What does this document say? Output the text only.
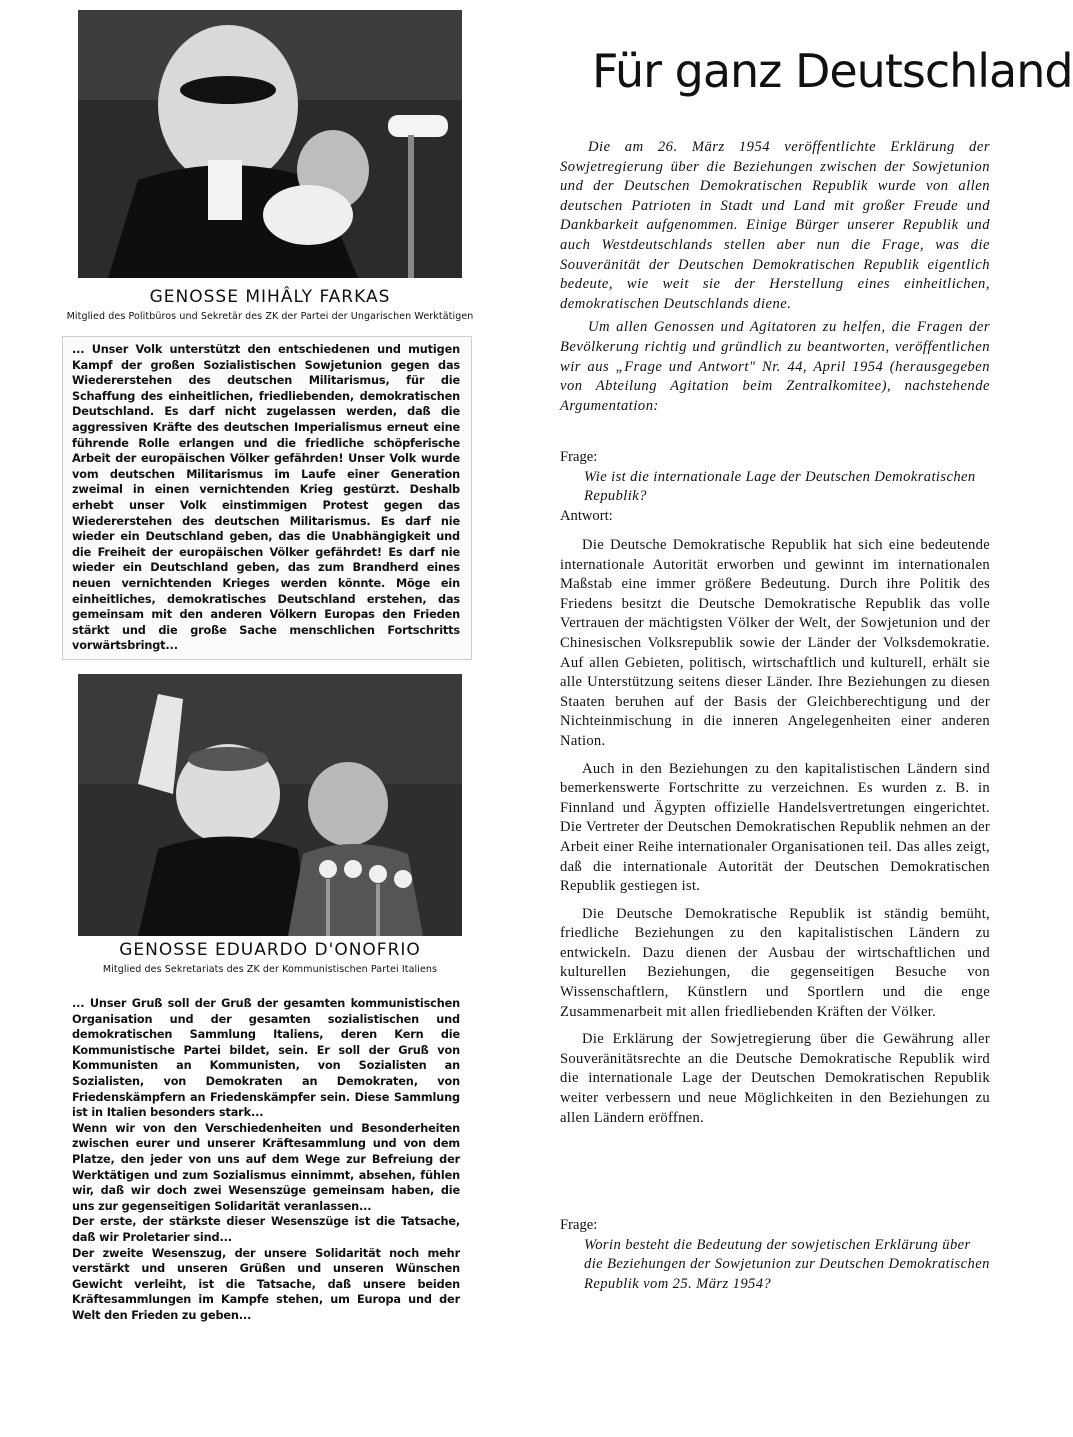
GENOSSE MIHÂLY FARKAS
Mitglied des Politbüros und Sekretär des ZK der Partei der Ungarischen Werktätigen

... Unser Volk unterstützt den entschiedenen und mutigen Kampf der großen Sozialistischen Sowjetunion gegen das Wiedererstehen des deutschen Militarismus, für die Schaffung des einheitlichen, friedliebenden, demokratischen Deutschland. Es darf nicht zugelassen werden, daß die aggressiven Kräfte des deutschen Imperialismus erneut eine führende Rolle erlangen und die friedliche schöpferische Arbeit der europäischen Völker gefährden! Unser Volk wurde vom deutschen Militarismus im Laufe einer Generation zweimal in einen vernichtenden Krieg gestürzt. Deshalb erhebt unser Volk einstimmigen Protest gegen das Wiedererstehen des deutschen Militarismus. Es darf nie wieder ein Deutschland geben, das die Unabhängigkeit und die Freiheit der europäischen Völker gefährdet! Es darf nie wieder ein Deutschland geben, das zum Brandherd eines neuen vernichtenden Krieges werden könnte. Möge ein einheitliches, demokratisches Deutschland erstehen, das gemeinsam mit den anderen Völkern Europas den Frieden stärkt und die große Sache menschlichen Fortschritts vorwärtsbringt...

GENOSSE EDUARDO D'ONOFRIO
Mitglied des Sekretariats des ZK der Kommunistischen Partei Italiens

... Unser Gruß soll der Gruß der gesamten kommunistischen Organisation und der gesamten sozialistischen und demokratischen Sammlung Italiens, deren Kern die Kommunistische Partei bildet, sein. Er soll der Gruß von Kommunisten an Kommunisten, von Sozialisten an Sozialisten, von Demokraten an Demokraten, von Friedenskämpfern an Friedenskämpfer sein. Diese Sammlung ist in Italien besonders stark...

Wenn wir von den Verschiedenheiten und Besonderheiten zwischen eurer und unserer Kräftesammlung und von dem Platze, den jeder von uns auf dem Wege zur Befreiung der Werktätigen und zum Sozialismus einnimmt, absehen, fühlen wir, daß wir doch zwei Wesenszüge gemeinsam haben, die uns zur gegenseitigen Solidarität veranlassen...

Der erste, der stärkste dieser Wesenszüge ist die Tatsache, daß wir Proletarier sind...

Der zweite Wesenszug, der unsere Solidarität noch mehr verstärkt und unseren Grüßen und unseren Wünschen Gewicht verleiht, ist die Tatsache, daß unsere beiden Kräftesammlungen im Kampfe stehen, um Europa und der Welt den Frieden zu geben...

Für ganz Deutschland

Die am 26. März 1954 veröffentlichte Erklärung der Sowjetregierung über die Beziehungen zwischen der Sowjetunion und der Deutschen Demokratischen Republik wurde von allen deutschen Patrioten in Stadt und Land mit großer Freude und Dankbarkeit aufgenommen. Einige Bürger unserer Republik und auch Westdeutschlands stellen aber nun die Frage, was die Souveränität der Deutschen Demokratischen Republik eigentlich bedeute, wie weit sie der Herstellung eines einheitlichen, demokratischen Deutschlands diene.

Um allen Genossen und Agitatoren zu helfen, die Fragen der Bevölkerung richtig und gründlich zu beantworten, veröffentlichen wir aus „Frage und Antwort" Nr. 44, April 1954 (herausgegeben von Abteilung Agitation beim Zentralkomitee), nachstehende Argumentation:

Frage:

Wie ist die internationale Lage der Deutschen Demokratischen Republik?

Antwort:

Die Deutsche Demokratische Republik hat sich eine bedeutende internationale Autorität erworben und gewinnt im internationalen Maßstab eine immer größere Bedeutung. Durch ihre Politik des Friedens besitzt die Deutsche Demokratische Republik das volle Vertrauen der mächtigsten Völker der Welt, der Sowjetunion und der Chinesischen Volksrepublik sowie der Länder der Volksdemokratie. Auf allen Gebieten, politisch, wirtschaftlich und kulturell, erhält sie alle Unterstützung seitens dieser Länder. Ihre Beziehungen zu diesen Staaten beruhen auf der Basis der Gleichberechtigung und der Nichteinmischung in die inneren Angelegenheiten einer anderen Nation.

Auch in den Beziehungen zu den kapitalistischen Ländern sind bemerkenswerte Fortschritte zu verzeichnen. Es wurden z. B. in Finnland und Ägypten offizielle Handelsvertretungen eingerichtet. Die Vertreter der Deutschen Demokratischen Republik nehmen an der Arbeit einer Reihe internationaler Organisationen teil. Das alles zeigt, daß die internationale Autorität der Deutschen Demokratischen Republik gestiegen ist.

Die Deutsche Demokratische Republik ist ständig bemüht, friedliche Beziehungen zu den kapitalistischen Ländern zu entwickeln. Dazu dienen der Ausbau der wirtschaftlichen und kulturellen Beziehungen, die gegenseitigen Besuche von Wissenschaftlern, Künstlern und Sportlern und die enge Zusammenarbeit mit allen friedliebenden Kräften der Völker.

Die Erklärung der Sowjetregierung über die Gewährung aller Souveränitätsrechte an die Deutsche Demokratische Republik wird die internationale Lage der Deutschen Demokratischen Republik weiter verbessern und neue Möglichkeiten in den Beziehungen zu allen Ländern eröffnen.

Frage:

Worin besteht die Bedeutung der sowjetischen Erklärung über die Beziehungen der Sowjetunion zur Deutschen Demokratischen Republik vom 25. März 1954?
